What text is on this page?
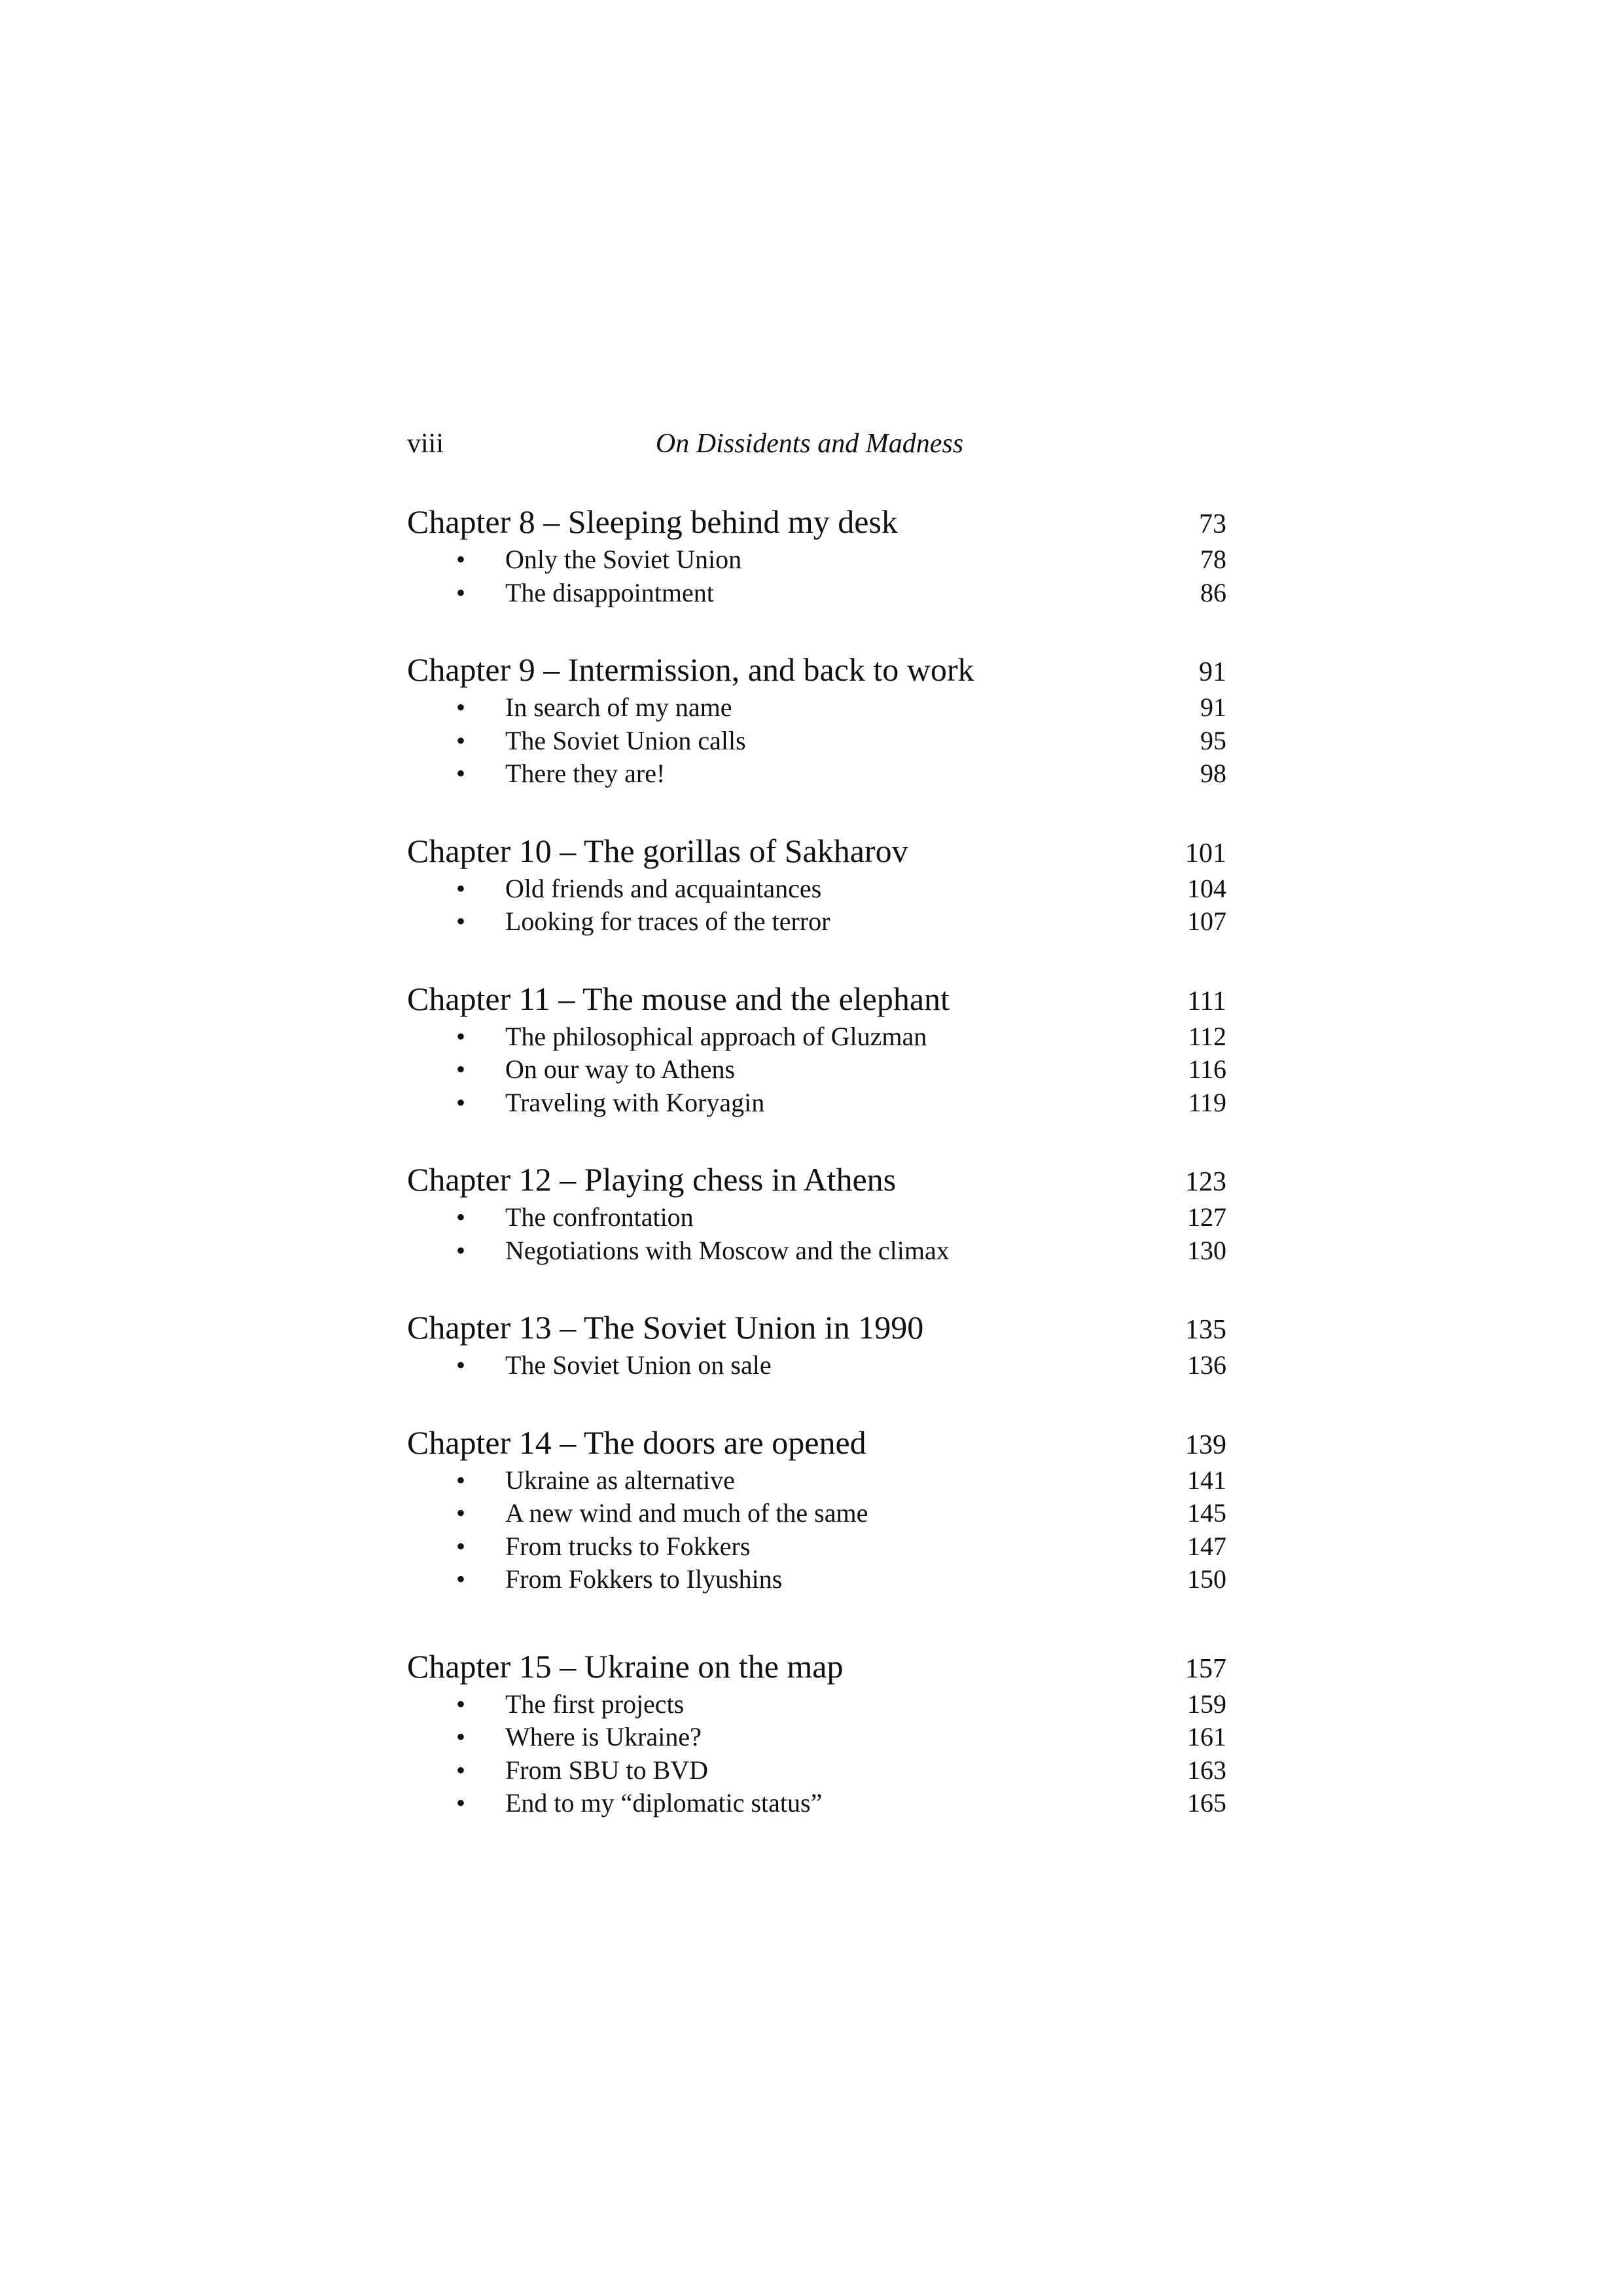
viii	On Dissidents and Madness
Chapter 8 – Sleeping behind my desk	73
•	Only the Soviet Union	78
•	The disappointment	86
Chapter 9 – Intermission, and back to work	91
•	In search of my name	91
•	The Soviet Union calls	95
•	There they are!	98
Chapter 10 – The gorillas of Sakharov	101
•	Old friends and acquaintances	104
•	Looking for traces of the terror	107
Chapter 11 – The mouse and the elephant	111
•	The philosophical approach of Gluzman	112
•	On our way to Athens	116
•	Traveling with Koryagin	119
Chapter 12 – Playing chess in Athens	123
•	The confrontation	127
•	Negotiations with Moscow and the climax	130
Chapter 13 – The Soviet Union in 1990	135
•	The Soviet Union on sale	136
Chapter 14 – The doors are opened	139
•	Ukraine as alternative	141
•	A new wind and much of the same	145
•	From trucks to Fokkers	147
•	From Fokkers to Ilyushins	150
Chapter 15 – Ukraine on the map	157
•	The first projects	159
•	Where is Ukraine?	161
•	From SBU to BVD	163
•	End to my “diplomatic status”	165
